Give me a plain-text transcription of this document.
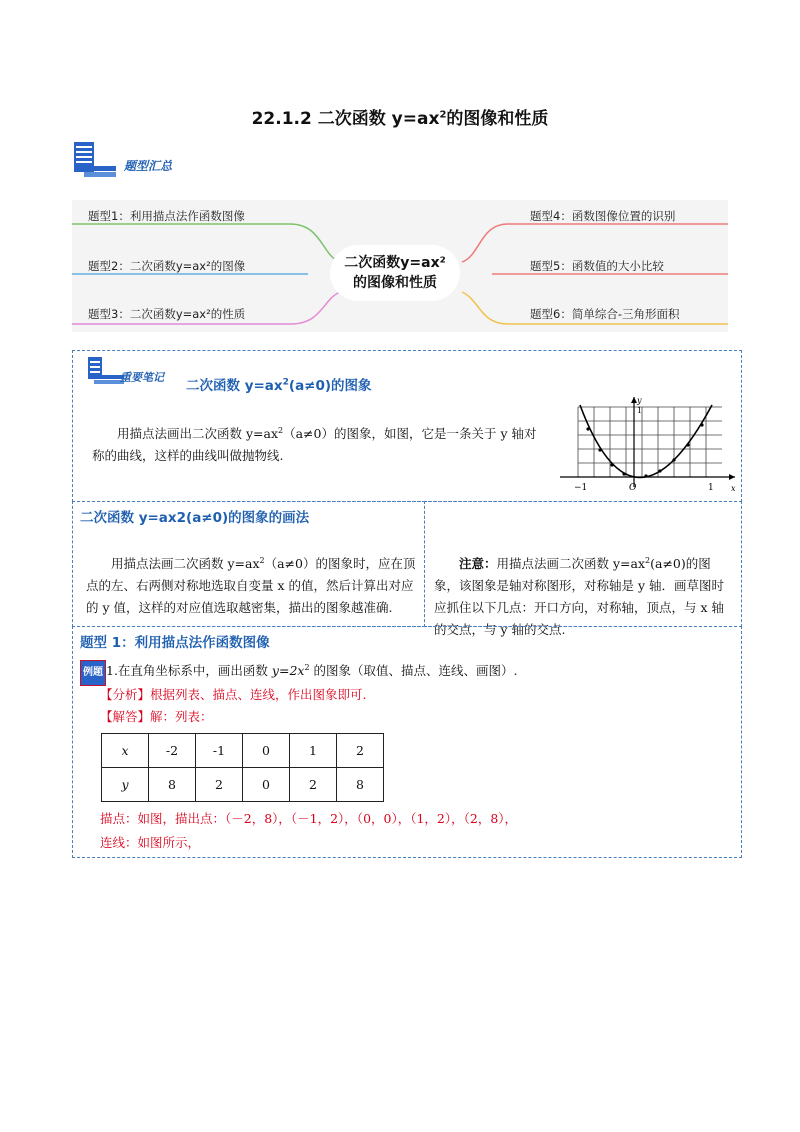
22.1.2 二次函数 $y=ax^2$的图像和性质
题型汇总
二次函数y=ax²
的图像和性质
题型1：利用描点法作函数图像
题型2：二次函数y=ax²的图像
题型3：二次函数y=ax²的性质
题型4：函数图像位置的识别
题型5：函数值的大小比较
题型6：简单综合-三角形面积
重要笔记
二次函数 $y=ax^2(a\ne 0)$的图象
用描点法画出二次函数 $y=ax^2(a\ne 0)$的图象，如图，它是一条关于 y 轴对称的曲线，这样的曲线叫做抛物线.
−1	O	1 x
y
1
二次函数 y=ax2(a≠0)的图象的画法
用描点法画二次函数 $y=ax^2(a\ne 0)$的图象时，应在顶点的左、右两侧对称地选取自变量 x 的值，然后计算出对应的 y 值，这样的对应值选取越密集，描出的图象越准确.
注意：用描点法画二次函数 $y=ax^2(a\ne 0)$的图象，该图象是轴对称图形，对称轴是 y 轴．画草图时应抓住以下几点：开口方向，对称轴，顶点，与 x 轴的交点，与 y 轴的交点.
题型 1：利用描点法作函数图像
例题 1.在直角坐标系中，画出函数 $y=2x^2$ 的图象（取值、描点、连线、画图）.
【分析】根据列表、描点、连线，作出图象即可.
【解答】解：列表：
x	-2	-1	0	1	2
y	8	2	0	2	8
描点：如图，描出点：（－2，8），（－1，2），（0，0），（1，2），（2，8），
连线：如图所示，
